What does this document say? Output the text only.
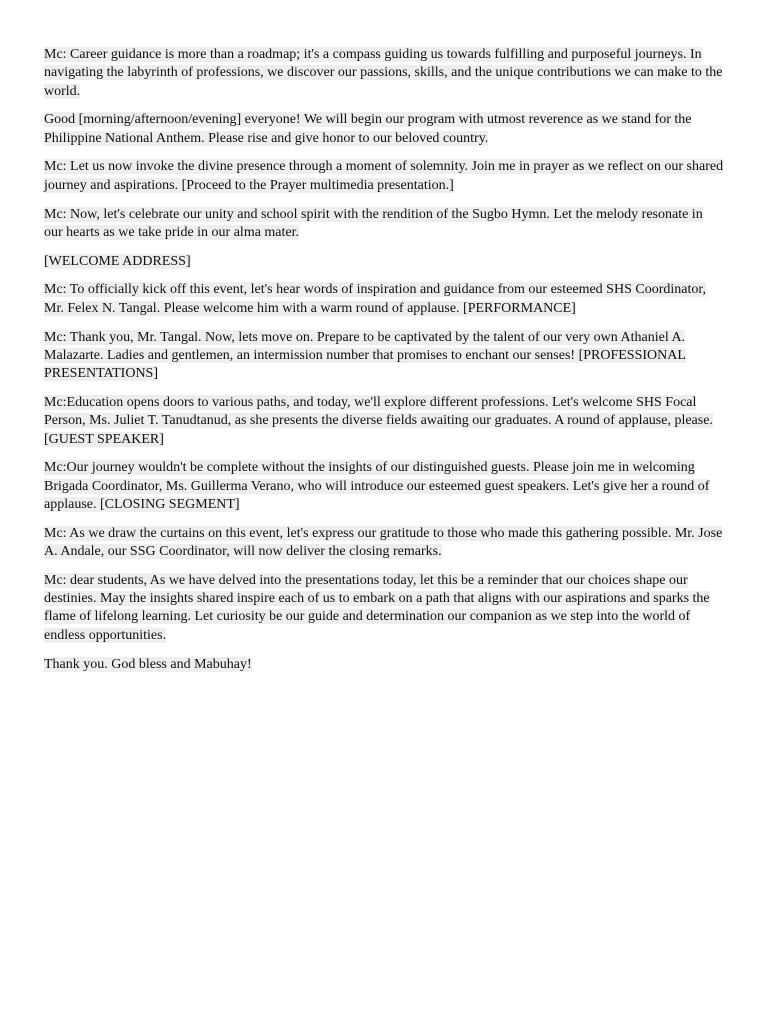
Mc: Career guidance is more than a roadmap; it's a compass guiding us towards fulfilling and purposeful journeys. In navigating the labyrinth of professions, we discover our passions, skills, and the unique contributions we can make to the world.

Good [morning/afternoon/evening] everyone! We will begin our program with utmost reverence as we stand for the Philippine National Anthem. Please rise and give honor to our beloved country.

Mc: Let us now invoke the divine presence through a moment of solemnity. Join me in prayer as we reflect on our shared journey and aspirations. [Proceed to the Prayer multimedia presentation.]

Mc: Now, let's celebrate our unity and school spirit with the rendition of the Sugbo Hymn. Let the melody resonate in our hearts as we take pride in our alma mater.

[WELCOME ADDRESS]

Mc: To officially kick off this event, let's hear words of inspiration and guidance from our esteemed SHS Coordinator, Mr. Felex N. Tangal. Please welcome him with a warm round of applause. [PERFORMANCE]

Mc: Thank you, Mr. Tangal. Now, lets move on. Prepare to be captivated by the talent of our very own Athaniel A. Malazarte. Ladies and gentlemen, an intermission number that promises to enchant our senses! [PROFESSIONAL PRESENTATIONS]

Mc:Education opens doors to various paths, and today, we'll explore different professions. Let's welcome SHS Focal Person, Ms. Juliet T. Tanudtanud, as she presents the diverse fields awaiting our graduates. A round of applause, please. [GUEST SPEAKER]

Mc:Our journey wouldn't be complete without the insights of our distinguished guests. Please join me in welcoming Brigada Coordinator, Ms. Guillerma Verano, who will introduce our esteemed guest speakers. Let's give her a round of applause. [CLOSING SEGMENT]

Mc: As we draw the curtains on this event, let's express our gratitude to those who made this gathering possible. Mr. Jose A. Andale, our SSG Coordinator, will now deliver the closing remarks.

Mc: dear students, As we have delved into the presentations today, let this be a reminder that our choices shape our destinies. May the insights shared inspire each of us to embark on a path that aligns with our aspirations and sparks the flame of lifelong learning. Let curiosity be our guide and determination our companion as we step into the world of endless opportunities.

Thank you. God bless and Mabuhay!
